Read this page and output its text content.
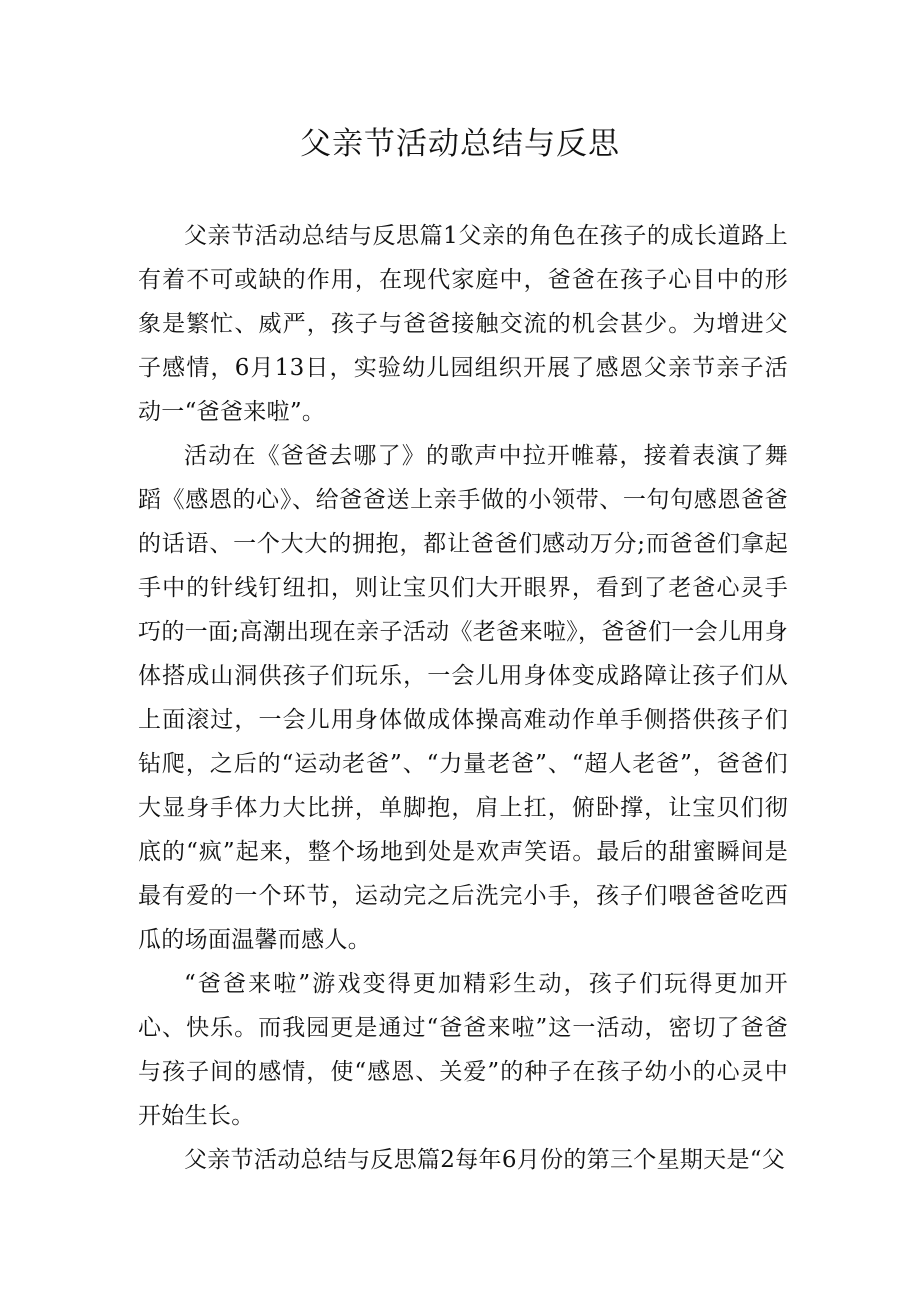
父亲节活动总结与反思

父亲节活动总结与反思篇1父亲的角色在孩子的成长道路上有着不可或缺的作用，在现代家庭中，爸爸在孩子心目中的形象是繁忙、威严，孩子与爸爸接触交流的机会甚少。为增进父子感情，6月13日，实验幼儿园组织开展了感恩父亲节亲子活动一“爸爸来啦”。

活动在《爸爸去哪了》的歌声中拉开帷幕，接着表演了舞蹈《感恩的心》、给爸爸送上亲手做的小领带、一句句感恩爸爸的话语、一个大大的拥抱，都让爸爸们感动万分;而爸爸们拿起手中的针线钉纽扣，则让宝贝们大开眼界，看到了老爸心灵手巧的一面;高潮出现在亲子活动《老爸来啦》，爸爸们一会儿用身体搭成山洞供孩子们玩乐，一会儿用身体变成路障让孩子们从上面滚过，一会儿用身体做成体操高难动作单手侧搭供孩子们钻爬，之后的“运动老爸”、“力量老爸”、“超人老爸”，爸爸们大显身手体力大比拼，单脚抱，肩上扛，俯卧撑，让宝贝们彻底的“疯”起来，整个场地到处是欢声笑语。最后的甜蜜瞬间是最有爱的一个环节，运动完之后洗完小手，孩子们喂爸爸吃西瓜的场面温馨而感人。

“爸爸来啦”游戏变得更加精彩生动，孩子们玩得更加开心、快乐。而我园更是通过“爸爸来啦”这一活动，密切了爸爸与孩子间的感情，使“感恩、关爱”的种子在孩子幼小的心灵中开始生长。

父亲节活动总结与反思篇2每年6月份的第三个星期天是“父
